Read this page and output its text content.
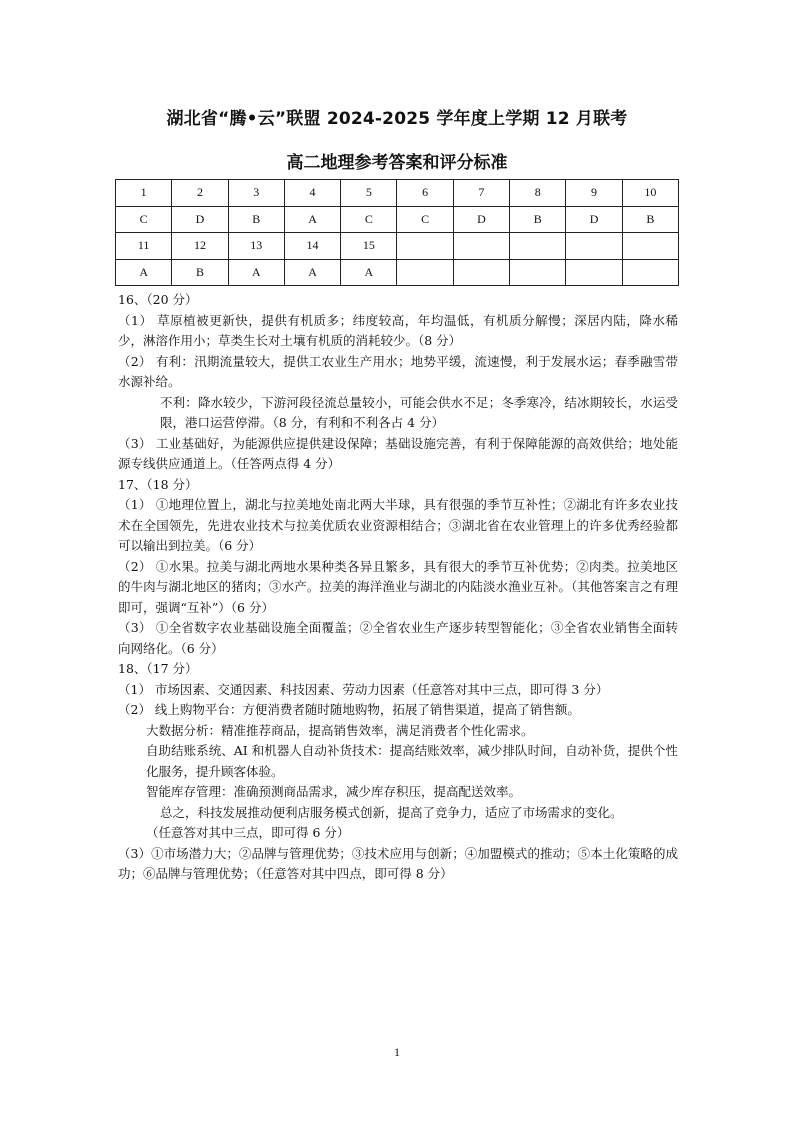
湖北省“腾•云”联盟 2024-2025 学年度上学期 12 月联考
高二地理参考答案和评分标准
1	2	3	4	5	6	7	8	9	10
C	D	B	A	C	C	D	B	D	B
11	12	13	14	15					
A	B	A	A	A					

16、（20 分）

（1） 草原植被更新快，提供有机质多；纬度较高，年均温低，有机质分解慢；深居内陆，降水稀少，淋溶作用小；草类生长对土壤有机质的消耗较少。（8 分）

（2） 有利：汛期流量较大，提供工农业生产用水；地势平缓，流速慢，利于发展水运；春季融雪带水源补给。

不利：降水较少，下游河段径流总量较小，可能会供水不足；冬季寒冷，结冰期较长，水运受限，港口运营停滞。（8 分，有利和不利各占 4 分）

（3） 工业基础好，为能源供应提供建设保障；基础设施完善，有利于保障能源的高效供给；地处能源专线供应通道上。（任答两点得 4 分）

17、（18 分）

（1） ①地理位置上，湖北与拉美地处南北两大半球，具有很强的季节互补性；②湖北有许多农业技术在全国领先，先进农业技术与拉美优质农业资源相结合；③湖北省在农业管理上的许多优秀经验都可以输出到拉美。（6 分）

（2） ①水果。拉美与湖北两地水果种类各异且繁多，具有很大的季节互补优势；②肉类。拉美地区的牛肉与湖北地区的猪肉；③水产。拉美的海洋渔业与湖北的内陆淡水渔业互补。（其他答案言之有理即可，强调“互补”）（6 分）

（3） ①全省数字农业基础设施全面覆盖；②全省农业生产逐步转型智能化；③全省农业销售全面转向网络化。（6 分）

18、（17 分）

（1） 市场因素、交通因素、科技因素、劳动力因素（任意答对其中三点，即可得 3 分）

（2） 线上购物平台：方便消费者随时随地购物，拓展了销售渠道，提高了销售额。

大数据分析：精准推荐商品，提高销售效率，满足消费者个性化需求。

自助结账系统、AI 和机器人自动补货技术：提高结账效率，减少排队时间，自动补货，提供个性化服务，提升顾客体验。

智能库存管理：准确预测商品需求，减少库存积压，提高配送效率。

总之，科技发展推动便利店服务模式创新，提高了竞争力，适应了市场需求的变化。

（任意答对其中三点，即可得 6 分）

（3）①市场潜力大；②品牌与管理优势；③技术应用与创新；④加盟模式的推动；⑤本土化策略的成功；⑥品牌与管理优势；（任意答对其中四点，即可得 8 分）

1
